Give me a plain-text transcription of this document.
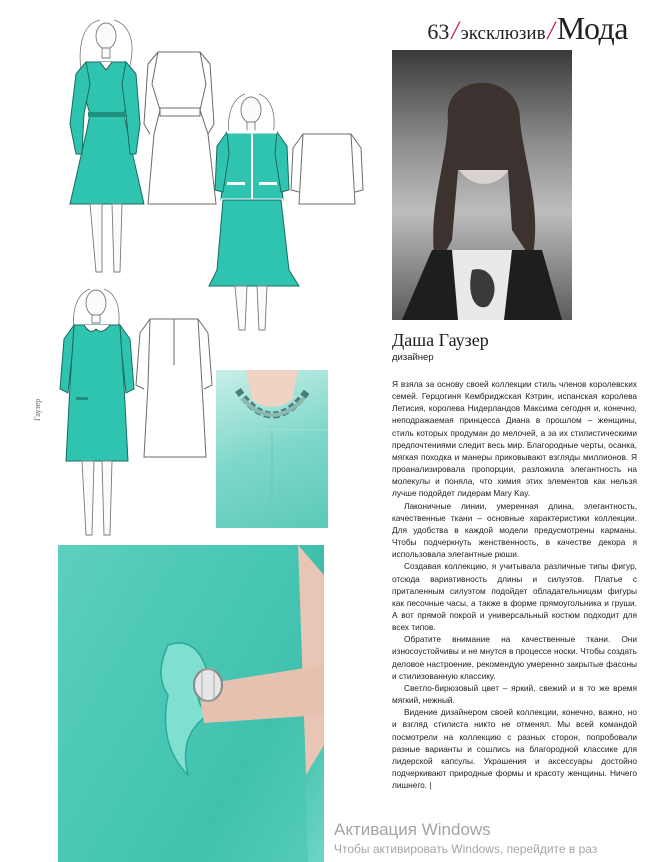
63 / эксклюзив / Мода
Гаузер
Даша Гаузер
дизайнер

Я взяла за основу своей коллекции стиль членов королевских семей. Герцогиня Кембриджская Кэтрин, испанская королева Летисия, королева Нидерландов Максима сегодня и, конечно, неподражаемая принцесса Диана в прошлом – женщины, стиль которых продуман до мелочей, а за их стилистическими предпочтениями следит весь мир. Благородные черты, осанка, мягкая походка и манеры приковывают взгляды миллионов. Я проанализировала пропорции, разложила элегантность на молекулы и поняла, что химия этих элементов как нельзя лучше подойдет лидерам Mary Kay.

Лаконичные линии, умеренная длина, элегантность, качественные ткани – основные характеристики коллекции. Для удобства в каждой модели предусмотрены карманы. Чтобы подчеркнуть женственность, в качестве декора я использовала элегантные рюши.

Создавая коллекцию, я учитывала различные типы фигур, отсюда вариативность длины и силуэтов. Платье с приталенным силуэтом подойдет обладательницам фигуры как песочные часы, а также в форме прямоугольника и груши. А вот прямой покрой и универсальный костюм подходит для всех типов.

Обратите внимание на качественные ткани. Они износоустойчивы и не мнутся в процессе носки. Чтобы создать деловое настроение, рекомендую умеренно закрытые фасоны и стилизованную классику.

Светло-бирюзовый цвет – яркий, свежий и в то же время мягкий, нежный.

Видение дизайнером своей коллекции, конечно, важно, но и взгляд стилиста никто не отменял. Мы всей командой посмотрели на коллекцию с разных сторон, попробовали разные варианты и сошлись на благородной классике для лидерской капсулы. Украшения и аксессуары достойно подчеркивают природные формы и красоту женщины. Ничего лишнего. |

Активация Windows
Чтобы активировать Windows, перейдите в раз
